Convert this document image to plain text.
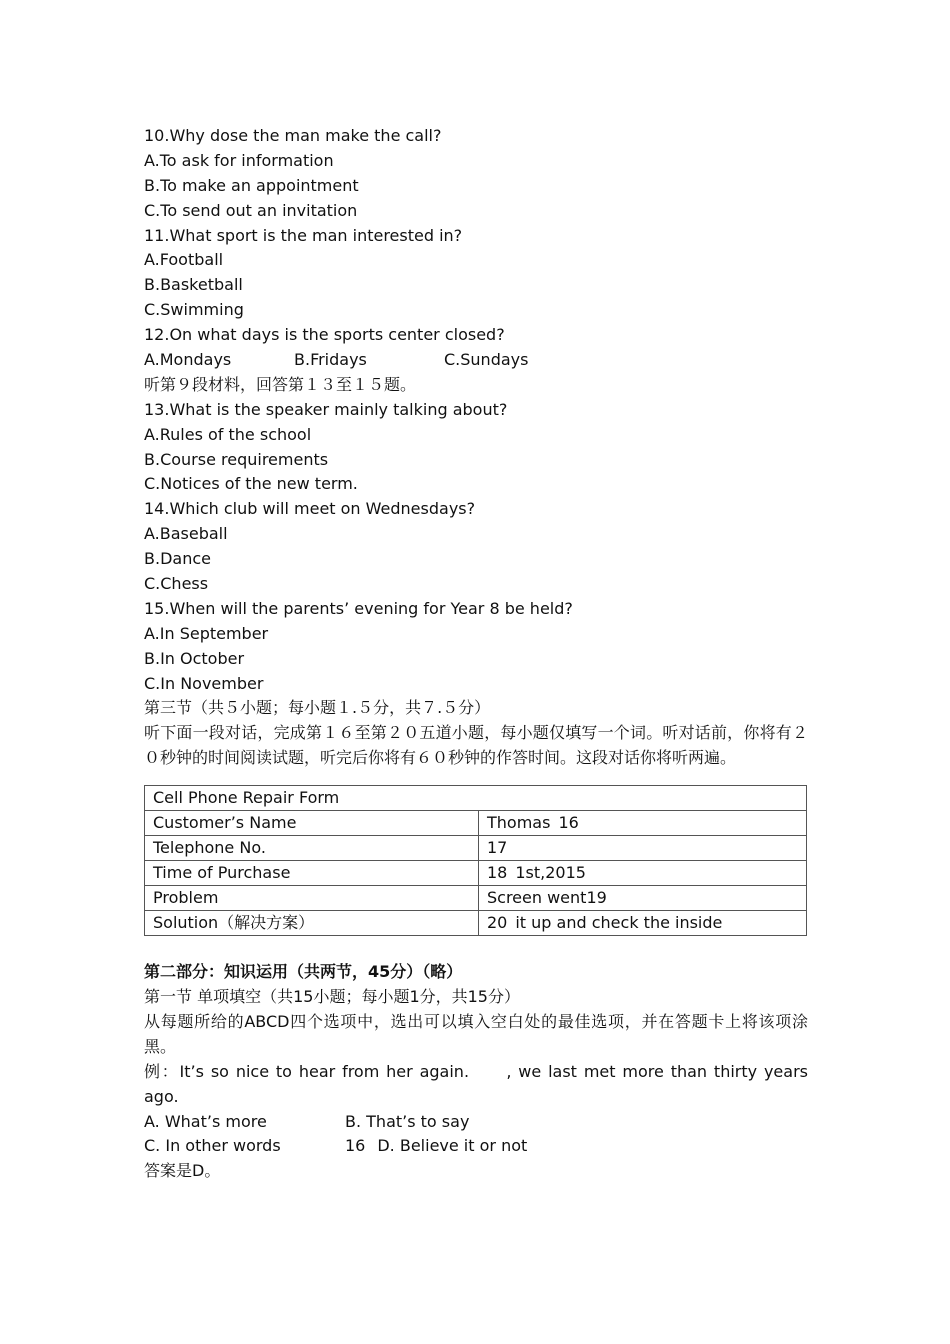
10.Why dose the man make the call?
A.To ask for information
B.To make an appointment
C.To send out an invitation
11.What sport is the man interested in?
A.Football
B.Basketball
C.Swimming
12.On what days is the sports center closed?
A.Mondays	B.Fridays	C.Sundays
听第９段材料，回答第１３至１５题。
13.What is the speaker mainly talking about?
A.Rules of the school
B.Course requirements
C.Notices of the new term.
14.Which club will meet on Wednesdays?
A.Baseball
B.Dance
C.Chess
15.When will the parents’ evening for Year 8 be held?
A.In September
B.In October
C.In November
第三节（共５小题；每小题１.５分，共７.５分）
听下面一段对话，完成第１６至第２０五道小题，每小题仅填写一个词。听对话前，你将有２０秒钟的时间阅读试题，听完后你将有６０秒钟的作答时间。这段对话你将听两遍。
Cell Phone Repair Form	
Customer’s Name	Thomas 16
Telephone No.	17
Time of Purchase	18 1st,2015
Problem	Screen went19
Solution（解决方案）	20 it up and check the inside
第二部分：知识运用（共两节，45分）（略）
第一节 单项填空（共15小题；每小题1分，共15分）
从每题所给的ABCD四个选项中，选出可以填入空白处的最佳选项，并在答题卡上将该项涂黑。
例：It’s so nice to hear from her again.　　, we last met more than thirty years ago.
A. What’s more	B. That’s to say
C. In other words	16 D. Believe it or not
答案是D。
